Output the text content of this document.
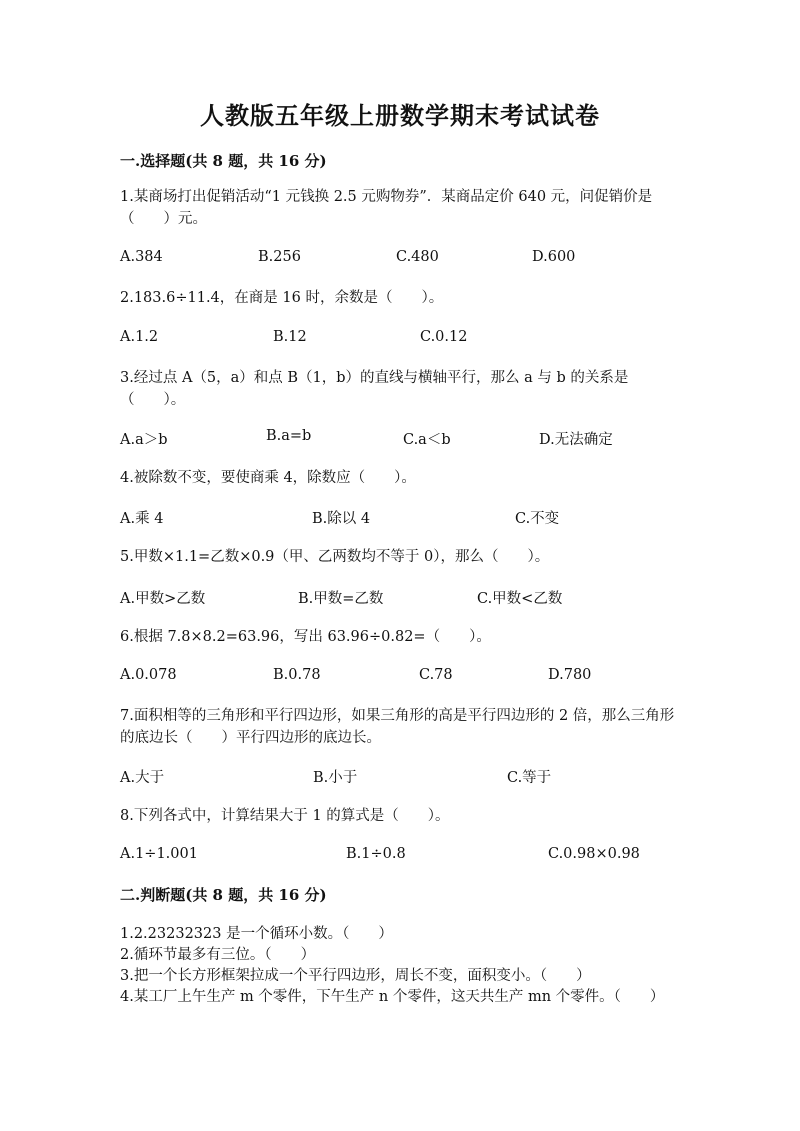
人教版五年级上册数学期末考试试卷
一.选择题(共 8 题，共 16 分)
1.某商场打出促销活动“1 元钱换 2.5 元购物券”．某商品定价 640 元，问促销价是（　　）元。
A.384	B.256	C.480	D.600
2.183.6÷11.4，在商是 16 时，余数是（　　）。
A.1.2	B.12	C.0.12
3.经过点 A（5，a）和点 B（1，b）的直线与横轴平行，那么 a 与 b 的关系是（　　）。
A.a＞b	B.a=b	C.a＜b	D.无法确定
4.被除数不变，要使商乘 4，除数应（　　）。
A.乘 4	B.除以 4	C.不变
5.甲数×1.1=乙数×0.9（甲、乙两数均不等于 0），那么（　　）。
A.甲数>乙数	B.甲数=乙数	C.甲数<乙数
6.根据 7.8×8.2=63.96，写出 63.96÷0.82=（　　）。
A.0.078	B.0.78	C.78	D.780
7.面积相等的三角形和平行四边形，如果三角形的高是平行四边形的 2 倍，那么三角形的底边长（　　）平行四边形的底边长。
A.大于	B.小于	C.等于
8.下列各式中，计算结果大于 1 的算式是（　　）。
A.1÷1.001	B.1÷0.8	C.0.98×0.98
二.判断题(共 8 题，共 16 分)
1.2.23232323 是一个循环小数。（　　）
2.循环节最多有三位。（　　）
3.把一个长方形框架拉成一个平行四边形，周长不变，面积变小。（　　）
4.某工厂上午生产 m 个零件，下午生产 n 个零件，这天共生产 mn 个零件。（　　）
